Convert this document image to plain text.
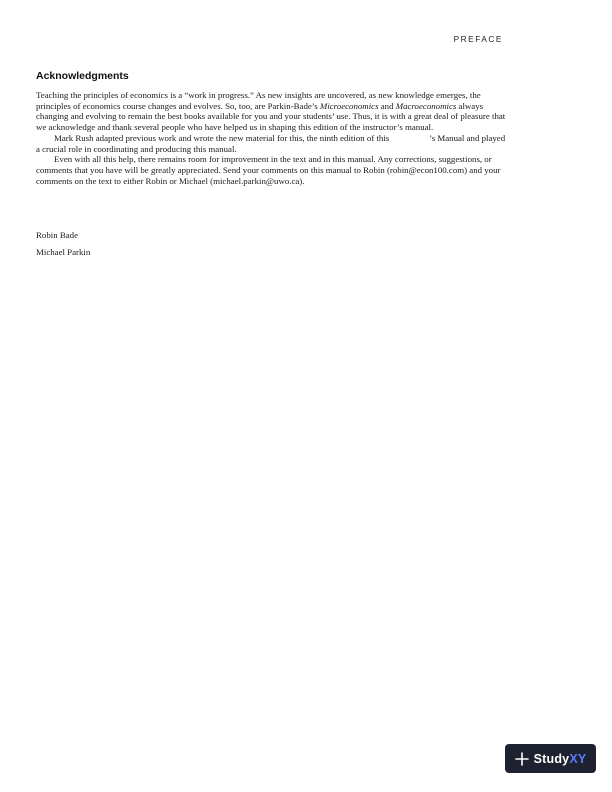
PREFACE
Acknowledgments

Teaching the principles of economics is a “work in progress.” As new insights are uncovered, as new knowledge emerges, the principles of economics course changes and evolves. So, too, are Parkin-Bade’s Microeconomics and Macroeconomics always changing and evolving to remain the best books available for you and your students’ use. Thus, it is with a great deal of pleasure that we acknowledge and thank several people who have helped us in shaping this edition of the instructor’s manual.

Mark Rush adapted previous work and wrote the new material for this, the ninth edition of this	’s Manual and played a crucial role in coordinating and producing this manual.

Even with all this help, there remains room for improvement in the text and in this manual. Any corrections, suggestions, or comments that you have will be greatly appreciated. Send your comments on this manual to Robin (robin@econ100.com) and your comments on the text to either Robin or Michael (michael.parkin@uwo.ca).

Robin Bade
Michael Parkin
StudyXY
